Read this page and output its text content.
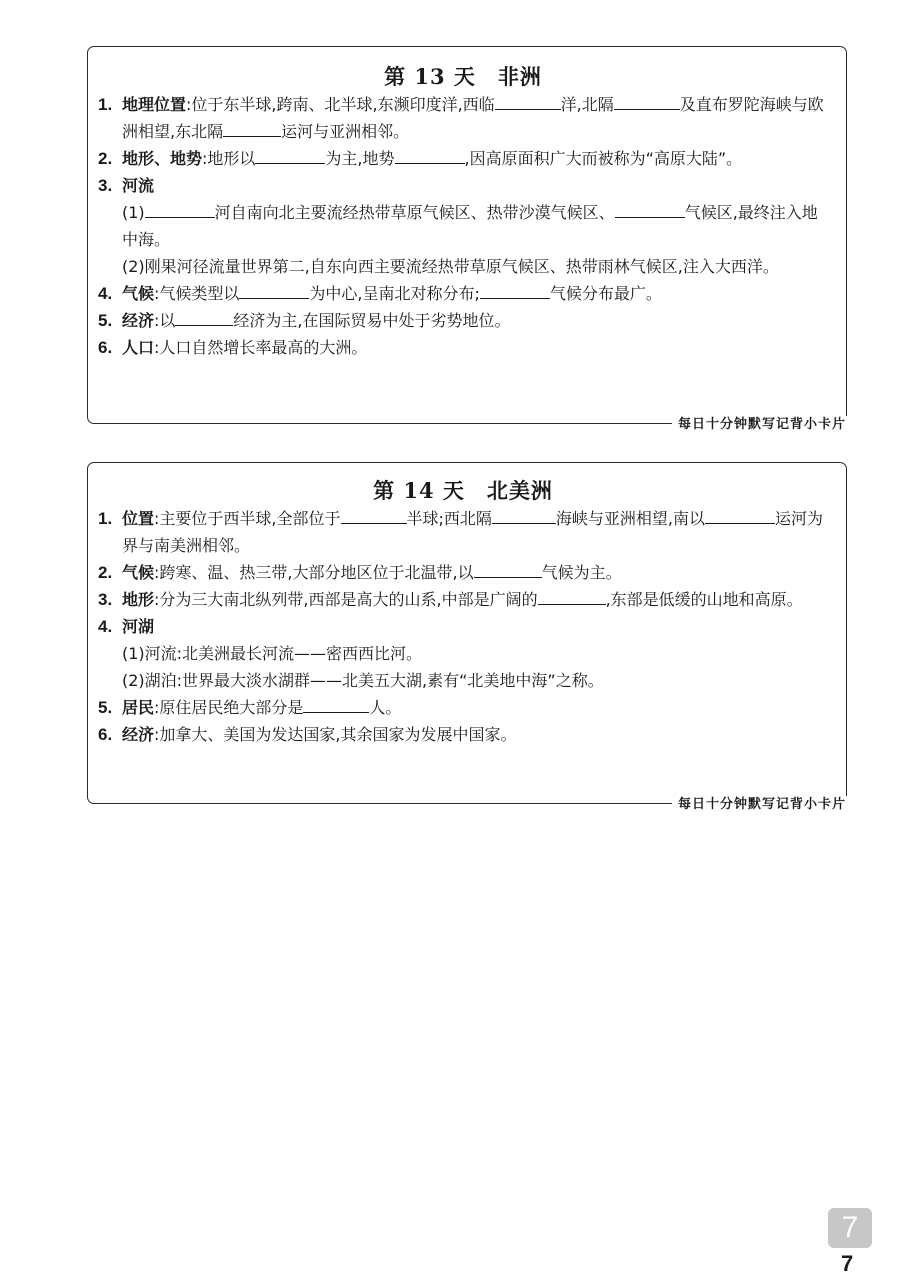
第 13 天　非洲
1. 地理位置:位于东半球,跨南、北半球,东濒印度洋,西临	洋,北隔	及直布罗陀海峡与欧洲相望,东北隔	运河与亚洲相邻。
2. 地形、地势:地形以	为主,地势	,因高原面积广大而被称为“高原大陆”。
3. 河流
(1)	河自南向北主要流经热带草原气候区、热带沙漠气候区、	气候区,最终注入地中海。
(2)刚果河径流量世界第二,自东向西主要流经热带草原气候区、热带雨林气候区,注入大西洋。
4. 气候:气候类型以	为中心,呈南北对称分布;	气候分布最广。
5. 经济:以	经济为主,在国际贸易中处于劣势地位。
6. 人口:人口自然增长率最高的大洲。
每日十分钟默写记背小卡片
第 14 天　北美洲
1. 位置:主要位于西半球,全部位于	半球;西北隔	海峡与亚洲相望,南以	运河为界与南美洲相邻。
2. 气候:跨寒、温、热三带,大部分地区位于北温带,以	气候为主。
3. 地形:分为三大南北纵列带,西部是高大的山系,中部是广阔的	,东部是低缓的山地和高原。
4. 河湖
(1)河流:北美洲最长河流——密西西比河。
(2)湖泊:世界最大淡水湖群——北美五大湖,素有“北美地中海”之称。
5. 居民:原住居民绝大部分是	人。
6. 经济:加拿大、美国为发达国家,其余国家为发展中国家。
每日十分钟默写记背小卡片
7
7
